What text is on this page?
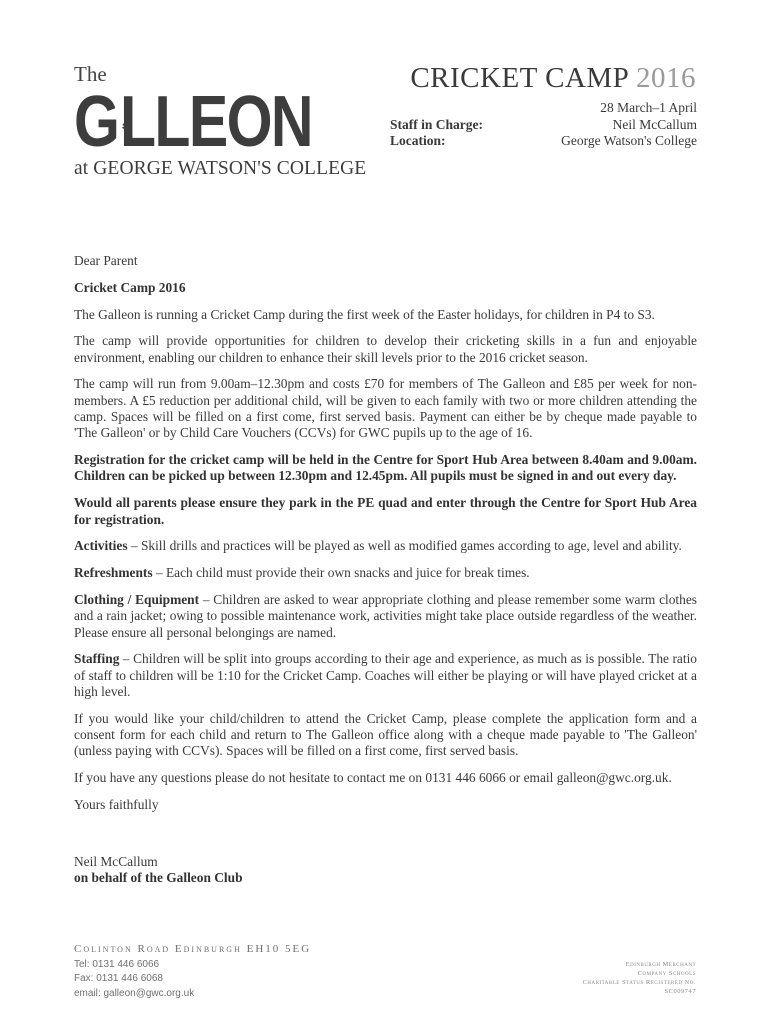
The
G LLEON
at GEORGE WATSON'S COLLEGE
CRICKET CAMP 2016
28 March–1 April
Staff in Charge:	Neil McCallum
Location:	George Watson's College

Dear Parent

Cricket Camp 2016

The Galleon is running a Cricket Camp during the first week of the Easter holidays, for children in P4 to S3.

The camp will provide opportunities for children to develop their cricketing skills in a fun and enjoyable environment, enabling our children to enhance their skill levels prior to the 2016 cricket season.

The camp will run from 9.00am–12.30pm and costs £70 for members of The Galleon and £85 per week for non-members. A £5 reduction per additional child, will be given to each family with two or more children attending the camp. Spaces will be filled on a first come, first served basis. Payment can either be by cheque made payable to 'The Galleon' or by Child Care Vouchers (CCVs) for GWC pupils up to the age of 16.

Registration for the cricket camp will be held in the Centre for Sport Hub Area between 8.40am and 9.00am. Children can be picked up between 12.30pm and 12.45pm. All pupils must be signed in and out every day.

Would all parents please ensure they park in the PE quad and enter through the Centre for Sport Hub Area for registration.

Activities – Skill drills and practices will be played as well as modified games according to age, level and ability.

Refreshments – Each child must provide their own snacks and juice for break times.

Clothing / Equipment – Children are asked to wear appropriate clothing and please remember some warm clothes and a rain jacket; owing to possible maintenance work, activities might take place outside regardless of the weather. Please ensure all personal belongings are named.

Staffing – Children will be split into groups according to their age and experience, as much as is possible. The ratio of staff to children will be 1:10 for the Cricket Camp. Coaches will either be playing or will have played cricket at a high level.

If you would like your child/children to attend the Cricket Camp, please complete the application form and a consent form for each child and return to The Galleon office along with a cheque made payable to 'The Galleon' (unless paying with CCVs). Spaces will be filled on a first come, first served basis.

If you have any questions please do not hesitate to contact me on 0131 446 6066 or email galleon@gwc.org.uk.

Yours faithfully

Neil McCallum

on behalf of the Galleon Club

Colinton Road Edinburgh EH10 5EG
Tel: 0131 446 6066
Fax: 0131 446 6068
email: galleon@gwc.org.uk
Edinburgh Merchant
Company Schools
Charitable Status Registered No.
SC009747
